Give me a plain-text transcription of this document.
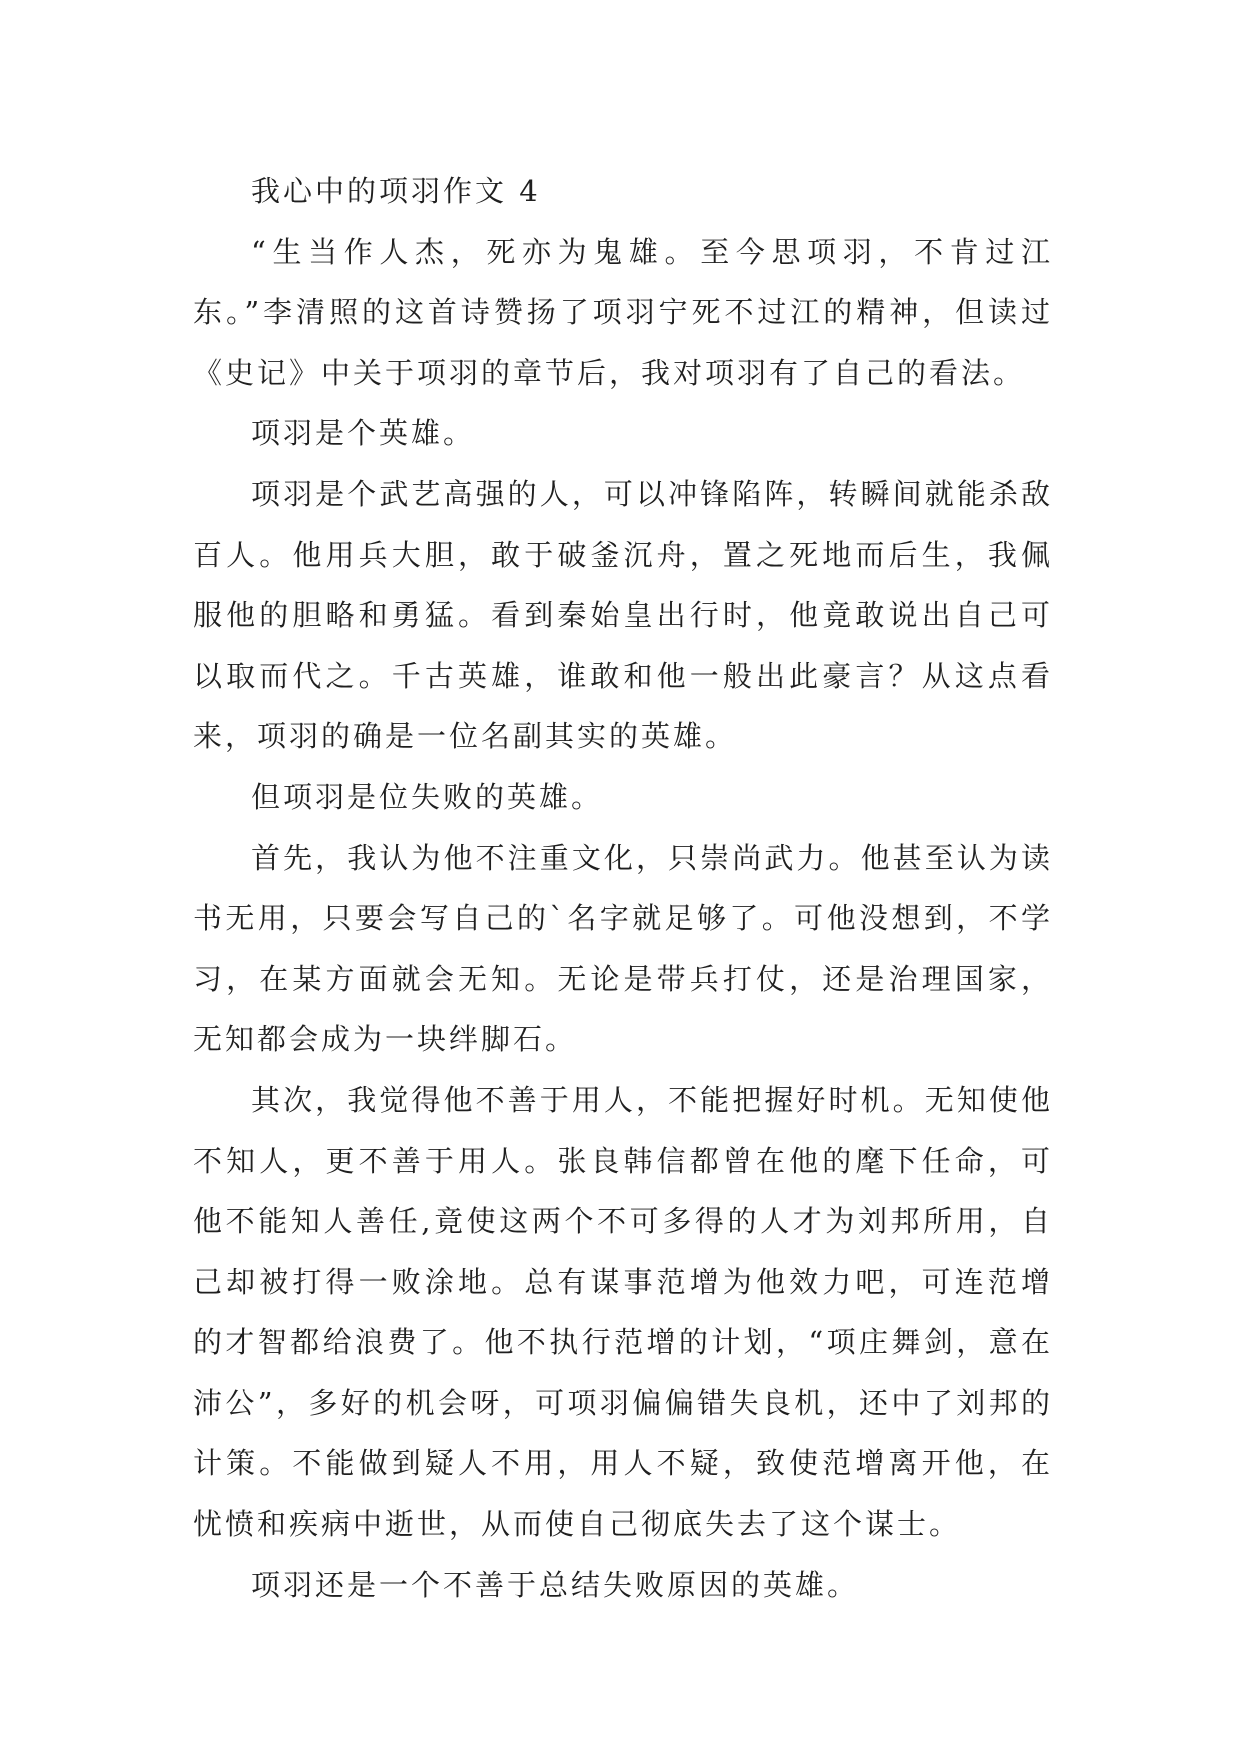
我心中的项羽作文 4

“生当作人杰，死亦为鬼雄。至今思项羽，不肯过江东。”李清照的这首诗赞扬了项羽宁死不过江的精神，但读过《史记》中关于项羽的章节后，我对项羽有了自己的看法。

项羽是个英雄。

项羽是个武艺高强的人，可以冲锋陷阵，转瞬间就能杀敌百人。他用兵大胆，敢于破釜沉舟，置之死地而后生，我佩服他的胆略和勇猛。看到秦始皇出行时，他竟敢说出自己可以取而代之。千古英雄，谁敢和他一般出此豪言？从这点看来，项羽的确是一位名副其实的英雄。

但项羽是位失败的英雄。

首先，我认为他不注重文化，只崇尚武力。他甚至认为读书无用，只要会写自己的`名字就足够了。可他没想到，不学习，在某方面就会无知。无论是带兵打仗，还是治理国家，无知都会成为一块绊脚石。

其次，我觉得他不善于用人，不能把握好时机。无知使他不知人，更不善于用人。张良韩信都曾在他的麾下任命，可他不能知人善任,竟使这两个不可多得的人才为刘邦所用，自己却被打得一败涂地。总有谋事范增为他效力吧，可连范增的才智都给浪费了。他不执行范增的计划，“项庄舞剑，意在沛公”，多好的机会呀，可项羽偏偏错失良机，还中了刘邦的计策。不能做到疑人不用，用人不疑，致使范增离开他，在忧愤和疾病中逝世，从而使自己彻底失去了这个谋士。

项羽还是一个不善于总结失败原因的英雄。
